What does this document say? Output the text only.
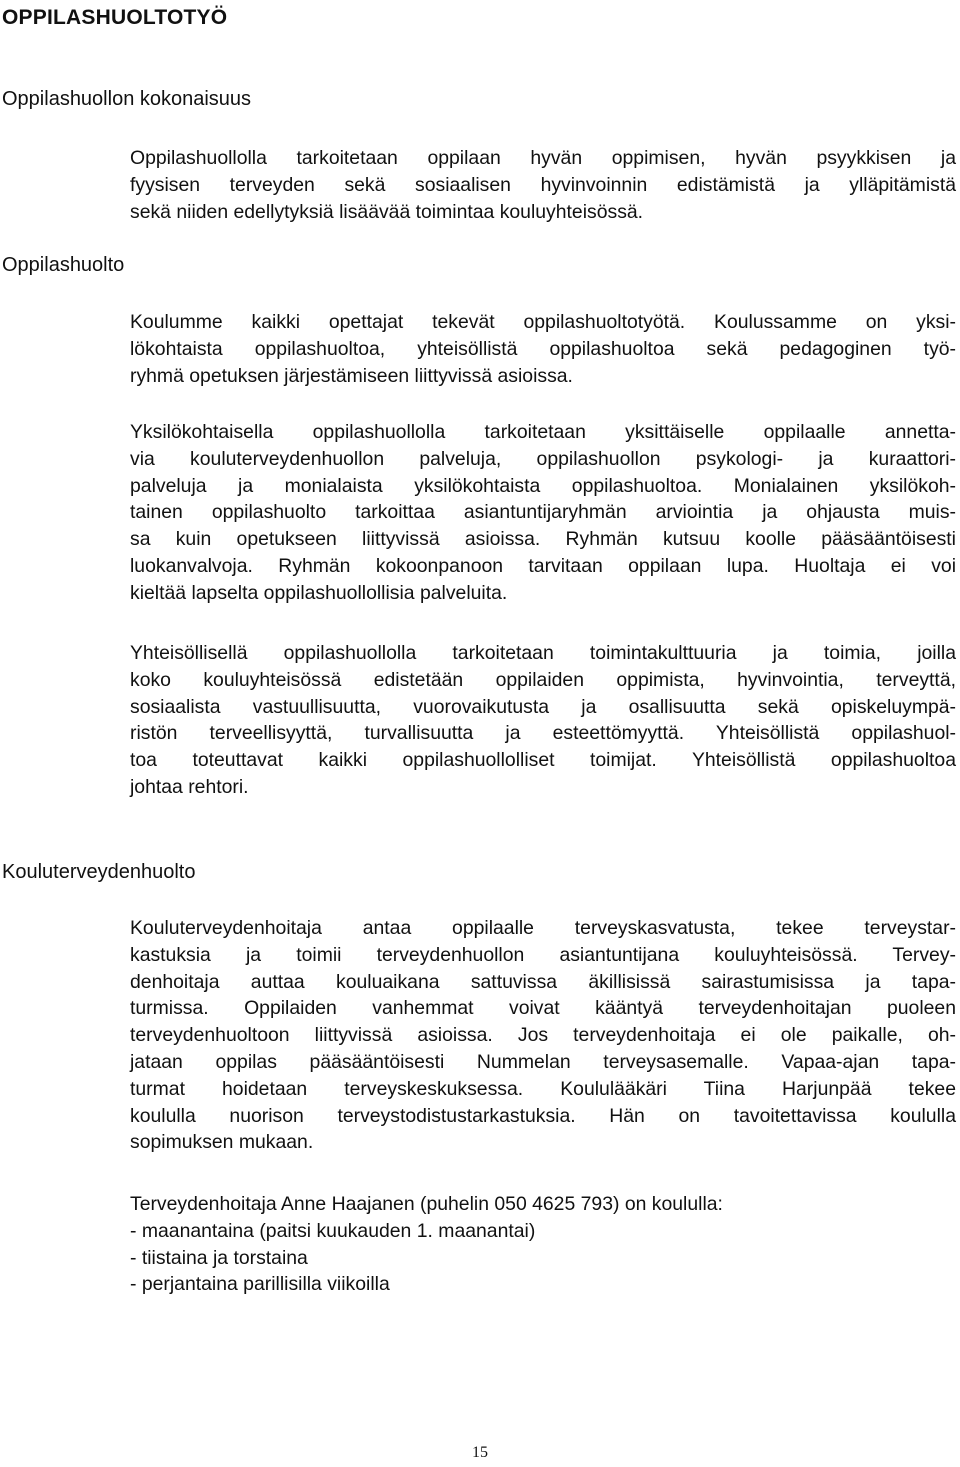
OPPILASHUOLTOTYÖ
Oppilashuollon kokonaisuus
Oppilashuollolla tarkoitetaan oppilaan hyvän oppimisen, hyvän psyykkisen ja
fyysisen terveyden sekä sosiaalisen hyvinvoinnin edistämistä ja ylläpitämistä
sekä niiden edellytyksiä lisäävää toimintaa kouluyhteisössä.
Oppilashuolto
Koulumme kaikki opettajat tekevät oppilashuoltotyötä. Koulussamme on yksi-
lökohtaista oppilashuoltoa, yhteisöllistä oppilashuoltoa sekä pedagoginen työ-
ryhmä opetuksen järjestämiseen liittyvissä asioissa.
Yksilökohtaisella oppilashuollolla tarkoitetaan yksittäiselle oppilaalle annetta-
via kouluterveydenhuollon palveluja, oppilashuollon psykologi- ja kuraattori-
palveluja ja monialaista yksilökohtaista oppilashuoltoa. Monialainen yksilökoh-
tainen oppilashuolto tarkoittaa asiantuntijaryhmän arviointia ja ohjausta muis-
sa kuin opetukseen liittyvissä asioissa. Ryhmän kutsuu koolle pääsääntöisesti
luokanvalvoja. Ryhmän kokoonpanoon tarvitaan oppilaan lupa. Huoltaja ei voi
kieltää lapselta oppilashuollollisia palveluita.
Yhteisöllisellä oppilashuollolla tarkoitetaan toimintakulttuuria ja toimia, joilla
koko kouluyhteisössä edistetään oppilaiden oppimista, hyvinvointia, terveyttä,
sosiaalista vastuullisuutta, vuorovaikutusta ja osallisuutta sekä opiskeluympä-
ristön terveellisyyttä, turvallisuutta ja esteettömyyttä. Yhteisöllistä oppilashuol-
toa toteuttavat kaikki oppilashuollolliset toimijat. Yhteisöllistä oppilashuoltoa
johtaa rehtori.
Kouluterveydenhuolto
Kouluterveydenhoitaja antaa oppilaalle terveyskasvatusta, tekee terveystar-
kastuksia ja toimii terveydenhuollon asiantuntijana kouluyhteisössä. Tervey-
denhoitaja auttaa kouluaikana sattuvissa äkillisissä sairastumisissa ja tapa-
turmissa. Oppilaiden vanhemmat voivat kääntyä terveydenhoitajan puoleen
terveydenhuoltoon liittyvissä asioissa. Jos terveydenhoitaja ei ole paikalle, oh-
jataan oppilas pääsääntöisesti Nummelan terveysasemalle. Vapaa-ajan tapa-
turmat hoidetaan terveyskeskuksessa. Koululääkäri Tiina Harjunpää tekee
koululla nuorison terveystodistustarkastuksia. Hän on tavoitettavissa koululla
sopimuksen mukaan.
Terveydenhoitaja Anne Haajanen (puhelin 050 4625 793) on koululla:
- maanantaina (paitsi kuukauden 1. maanantai)
- tiistaina ja torstaina
- perjantaina parillisilla viikoilla
15
